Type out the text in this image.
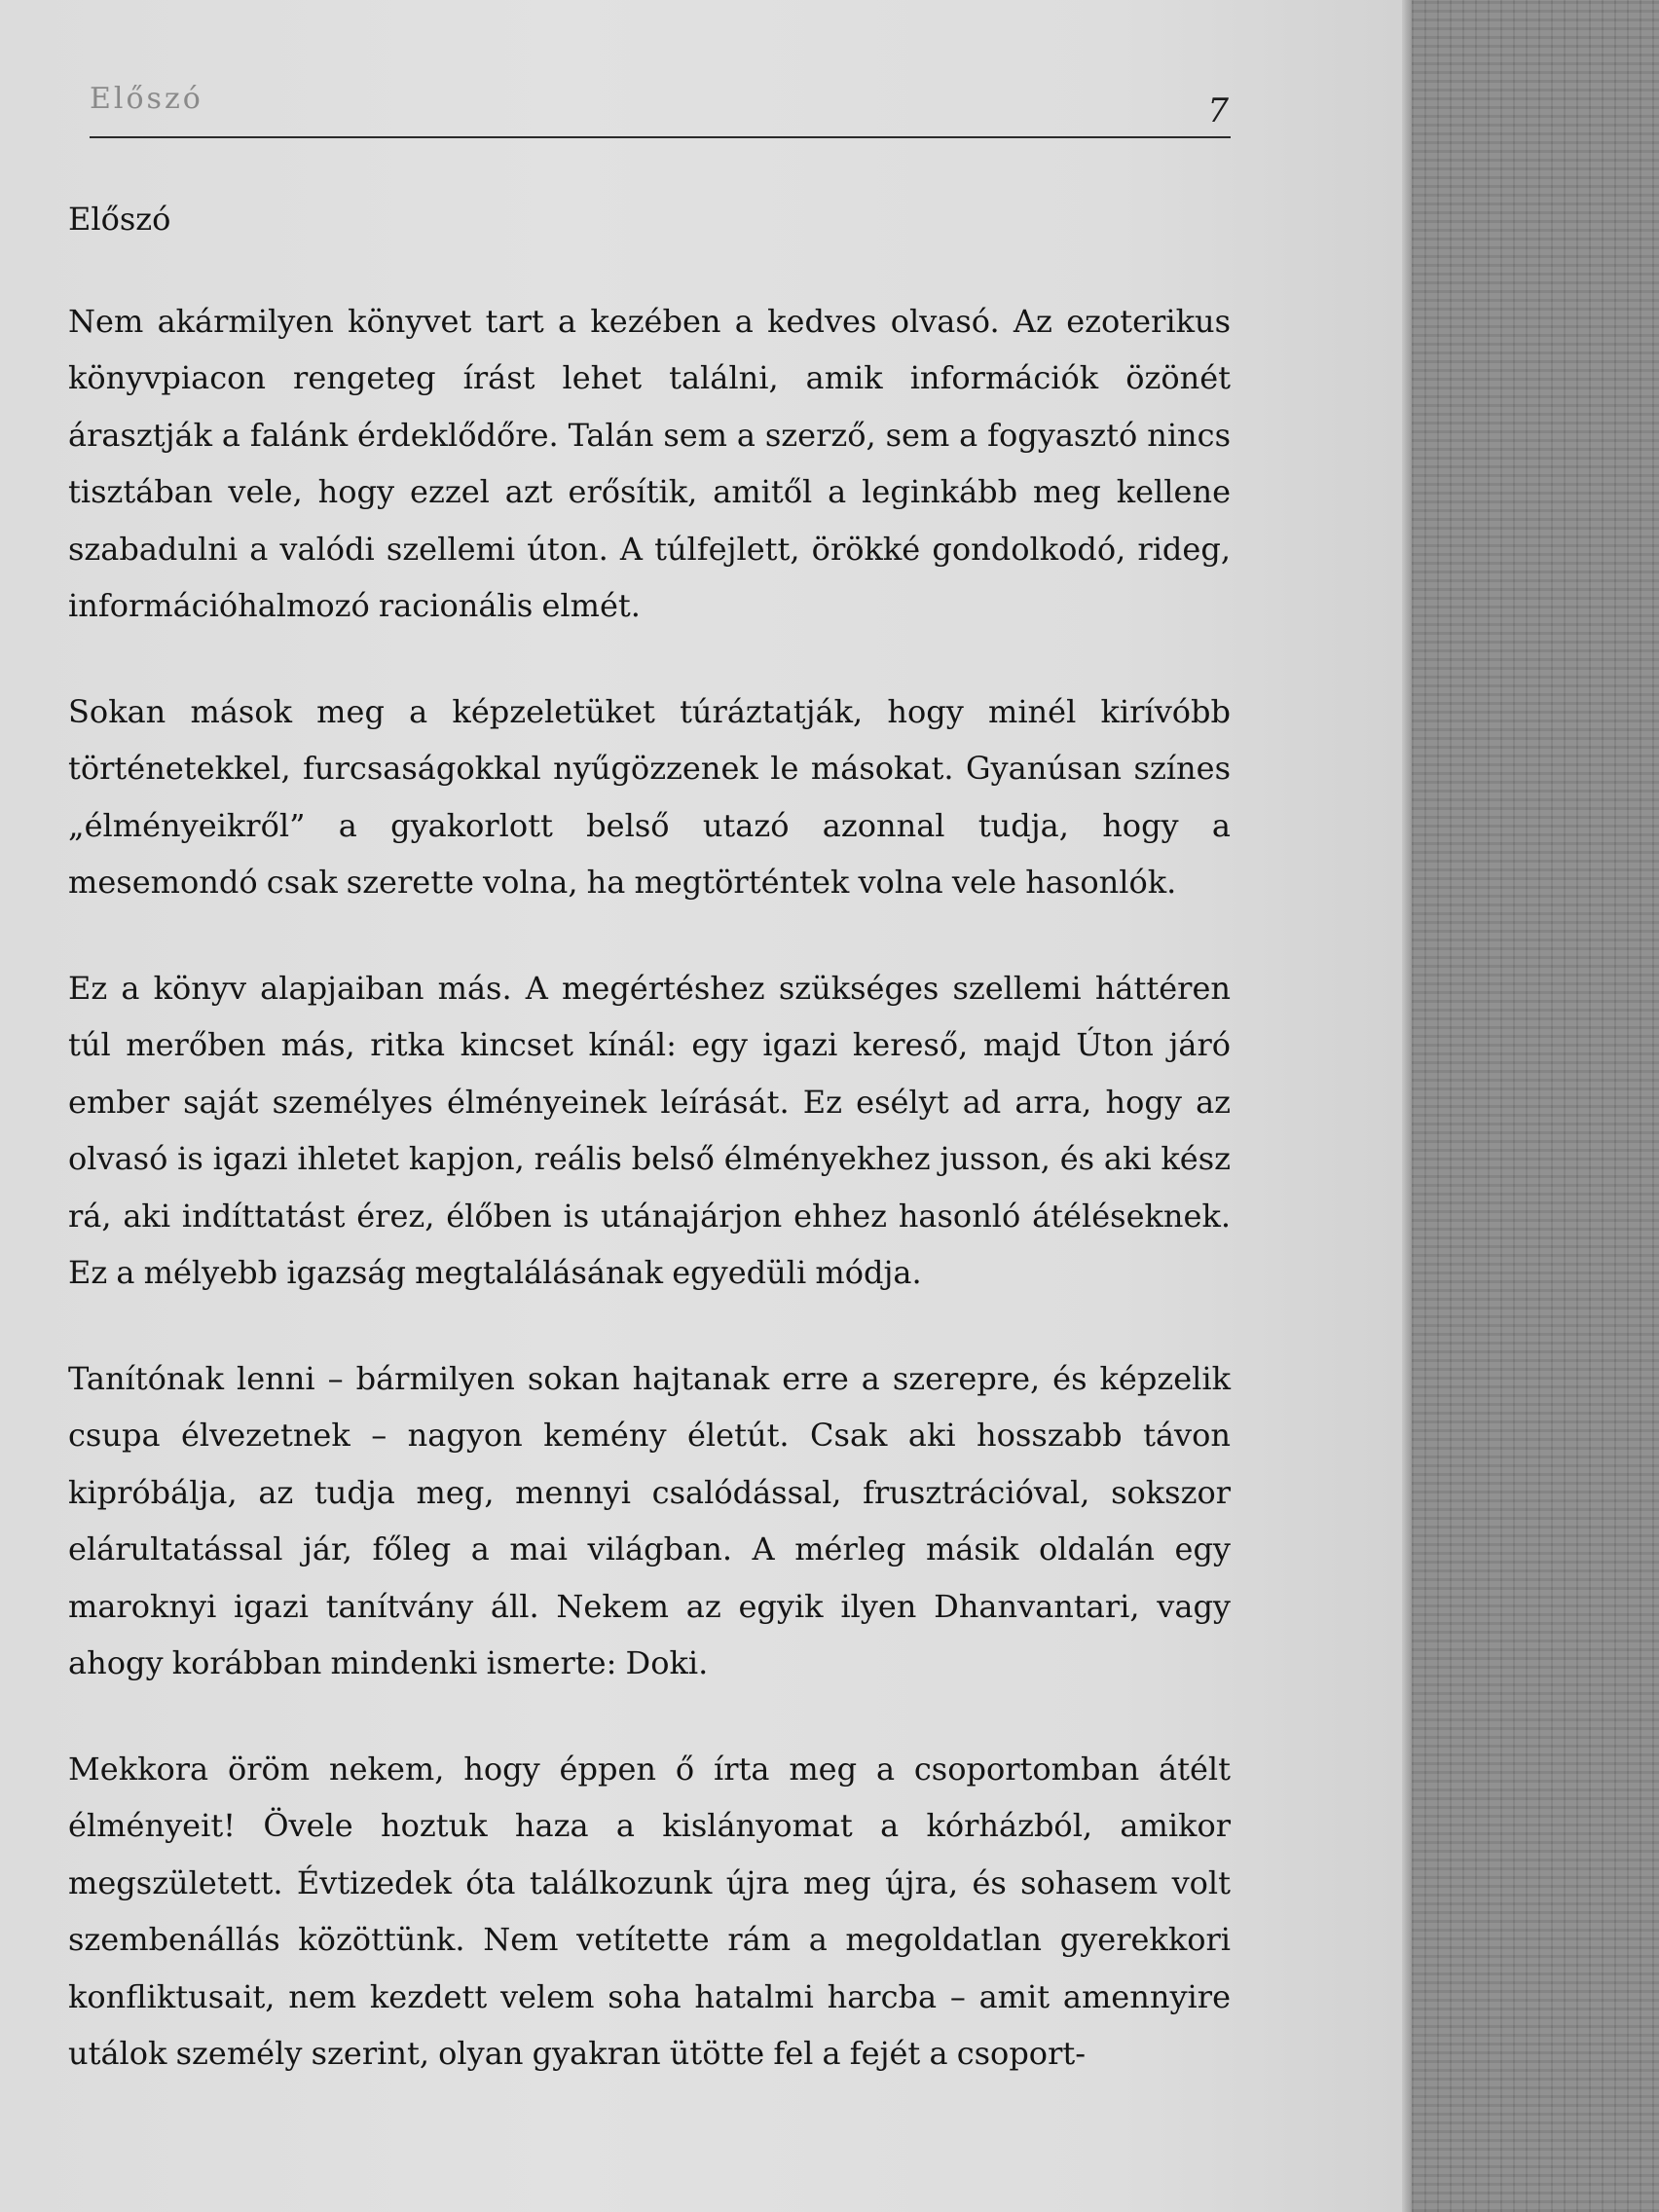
Előszó	7
Előszó

Nem akármilyen könyvet tart a kezében a kedves olvasó. Az ezoterikus könyvpiacon rengeteg írást lehet találni, amik információk özönét árasztják a falánk érdeklődőre. Talán sem a szerző, sem a fogyasztó nincs tisztában vele, hogy ezzel azt erősítik, amitől a leginkább meg kellene szabadulni a valódi szellemi úton. A túlfejlett, örökké gondolkodó, rideg, információhalmozó racionális elmét.

Sokan mások meg a képzeletüket túráztatják, hogy minél kirívóbb történetekkel, furcsaságokkal nyűgözzenek le másokat. Gyanúsan színes „élményeikről” a gyakorlott belső utazó azonnal tudja, hogy a mesemondó csak szerette volna, ha megtörténtek volna vele hasonlók.

Ez a könyv alapjaiban más. A megértéshez szükséges szellemi háttéren túl merőben más, ritka kincset kínál: egy igazi kereső, majd Úton járó ember saját személyes élményeinek leírását. Ez esélyt ad arra, hogy az olvasó is igazi ihletet kapjon, reális belső élményekhez jusson, és aki kész rá, aki indíttatást érez, élőben is utánajárjon ehhez hasonló átéléseknek. Ez a mélyebb igazság megtalálásának egyedüli módja.

Tanítónak lenni – bármilyen sokan hajtanak erre a szerepre, és képzelik csupa élvezetnek – nagyon kemény életút. Csak aki hosszabb távon kipróbálja, az tudja meg, mennyi csalódással, frusztrációval, sokszor elárultatással jár, főleg a mai világban. A mérleg másik oldalán egy maroknyi igazi tanítvány áll. Nekem az egyik ilyen Dhanvantari, vagy ahogy korábban mindenki ismerte: Doki.

Mekkora öröm nekem, hogy éppen ő írta meg a csoportomban átélt élményeit! Övele hoztuk haza a kislányomat a kórházból, amikor megszületett. Évtizedek óta találkozunk újra meg újra, és sohasem volt szembenállás közöttünk. Nem vetítette rám a megoldatlan gyerekkori konfliktusait, nem kezdett velem soha hatalmi harcba – amit amennyire utálok személy szerint, olyan gyakran ütötte fel a fejét a csoport-
